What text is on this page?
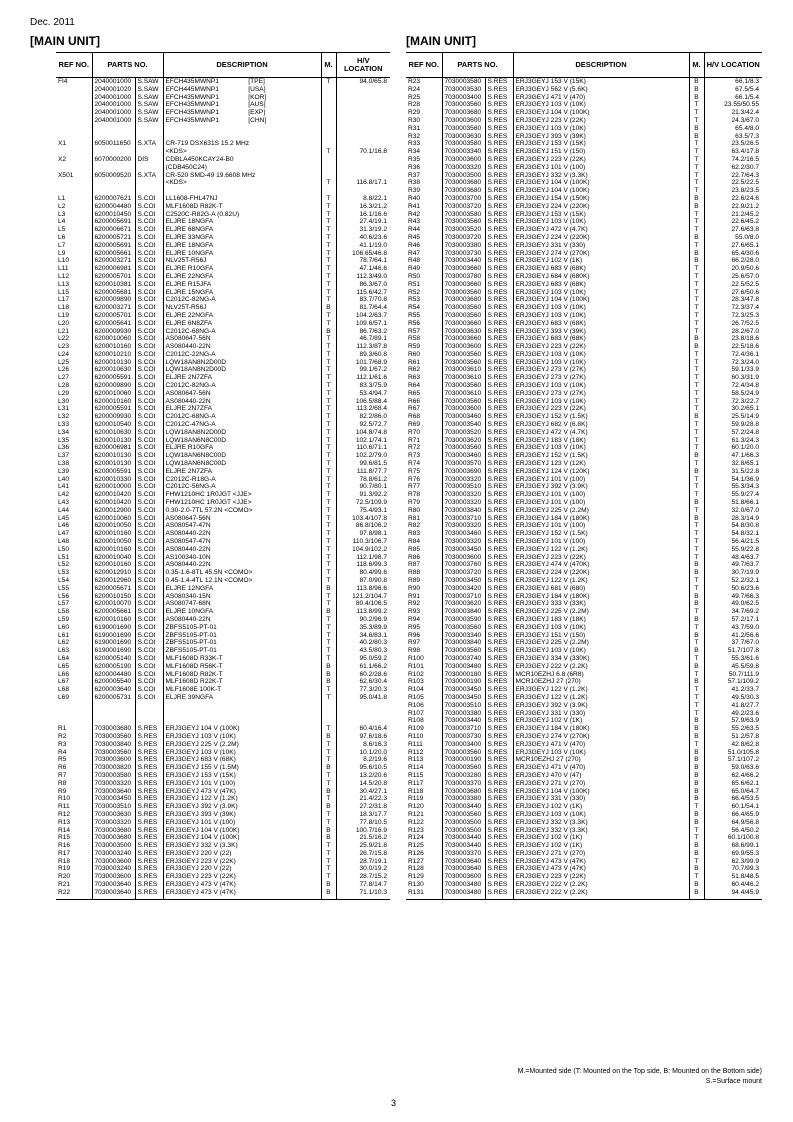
Dec. 2011
[MAIN UNIT]	[MAIN UNIT]
REF NO.	PARTS NO.		DESCRIPTION	M.	H/V LOCATION
FI4	2040001000	S.SAW	EFCH435MWNP1                [TPE]	T	94.0/65.8
	2040001020	S.SAW	EFCH445MWNP1                [USA]		
	2040001000	S.SAW	EFCH435MWNP1                [KOR]		
	2040001000	S.SAW	EFCH435MWNP1                [AUS]		
	2040001000	S.SAW	EFCH435MWNP1                [EXP]		
	2040001000	S.SAW	EFCH435MWNP1                [CHN]		

X1	6050011650	S.XTA	CR-719 DSX631S 15.2 MHz		
			<KDS>	T	70.1/16.8
X2	6070000200	DIS	CDBLA450KCAY24-B0		
			(CDB450C24)		
X501	6050009520	S.XTA	CR-520 SMD-49 19.6608 MHz		
			<KDS>	T	116.8/17.1

L1	6200007621	S.COI	LL1608-FHL47NJ	T	8.8/22.1
L2	6200004480	S.COI	MLF1608D R82K-T	T	16.3/21.2
L3	6200010450	S.COI	C2520C-R82G-A (0.82U)	T	16.1/16.6
L4	6200005691	S.COI	ELJRE 18NGFA	T	27.4/19.1
L5	6200006671	S.COI	ELJRE 68NGFA	T	31.3/19.2
L6	6200005721	S.COI	ELJRE 33NGFA	T	40.6/23.6
L7	6200005691	S.COI	ELJRE 18NGFA	T	41.1/19.0
L9	6200005661	S.COI	ELJRE 10NGFA	T	106.65/46.8
L10	6200003271	S.COI	NLV25T-R56J	T	78.7/64.1
L11	6200006981	S.COI	ELJRE R10GFA	T	47.1/46.6
L12	6200005701	S.COI	ELJRE 22NGFA	T	112.3/49.0
L13	6200010381	S.COI	ELJRE R15JFA	T	86.3/67.0
L15	6200005681	S.COI	ELJRE 15NGFA	T	115.6/42.7
L17	6200009890	S.COI	C2012C-82NG-A	T	83.7/70.8
L18	6200003271	S.COI	NLV25T-R56J	B	81.7/64.4
L19	6200005701	S.COI	ELJRE 22NGFA	T	104.2/63.7
L20	6200005641	S.COI	ELJRE 6N8ZFA	T	109.6/57.1
L21	6200009930	S.COI	C2012C-68NG-A	B	86.7/63.2
L22	6200010060	S.COI	AS080647-56N	T	46.7/89.1
L23	6200010160	S.COI	AS080440-22N	T	112.3/87.8
L24	6200010210	S.COI	C2012C-22NG-A	T	89.3/60.8
L25	6200010130	S.COI	LQW18AN8N2D00D	T	101.7/68.9
L26	6200010630	S.COI	LQW18AN8N2D00D	T	99.1/67.2
L27	6200005591	S.COI	ELJRE 2N7ZFA	T	112.1/61.6
L28	6200009890	S.COI	C2012C-82NG-A	T	83.3/75.9
L29	6200010060	S.COI	AS080647-56N	T	53.4/94.7
L30	6200010160	S.COI	AS080440-22N	T	106.5/88.4
L31	6200005591	S.COI	ELJRE 2N7ZFA	T	113.2/68.4
L32	6200009930	S.COI	C2012C-68NG-A	T	82.2/86.0
L33	6200010540	S.COI	C2012C-47NG-A	T	92.5/72.7
L34	6200010630	S.COI	LQW18AN8N2D00D	T	104.8/74.8
L35	6200010130	S.COI	LQW18AN6N8C00D	T	102.1/74.1
L36	6200006981	S.COI	ELJRE R10GFA	T	110.6/71.1
L37	6200010130	S.COI	LQW18AN6N8C00D	T	102.2/79.0
L38	6200010130	S.COI	LQW18AN6N8C00D	T	99.6/81.5
L39	6200005591	S.COI	ELJRE 2N7ZFA	T	111.8/77.7
L40	6200010330	S.COI	C2012C-R18G-A	T	78.8/61.2
L41	6200010000	S.COI	C2012C-56NG-A	T	90.7/80.1
L42	6200010420	S.COI	FHW1210HC 1R0JGT <JJE>	T	91.3/92.2
L43	6200010420	S.COI	FHW1210HC 1R0JGT <JJE>	T	72.5/109.9
L44	6200012900	S.COI	0.30-2.0-7TL 57.2N <COMO>	T	75.4/93.1
L45	6200010060	S.COI	AS080647-56N	T	103.4/107.8
L46	6200010050	S.COI	AS080547-47N	T	86.8/106.2
L47	6200010160	S.COI	AS080440-22N	T	97.8/98.1
L48	6200010050	S.COI	AS080547-47N	T	110.3/106.7
L50	6200010160	S.COI	AS080440-22N	T	104.9/102.2
L51	6200010040	S.COI	AS100340-10N	T	112.1/98.7
L52	6200010160	S.COI	AS080440-22N	T	118.6/99.3
L53	6200012910	S.COI	0.35-1.6-8TL 45.5N <COMO>	T	80.4/99.6
L54	6200012960	S.COI	0.45-1.4-4TL 12.1N <COMO>	T	87.0/90.8
L55	6200005671	S.COI	ELJRE 12NGFA	B	113.8/96.6
L56	6200010150	S.COI	AS080340-15N	T	121.2/104.7
L57	6200010070	S.COI	AS080747-68N	T	80.4/106.5
L58	6200005661	S.COI	ELJRE 10NGFA	B	113.8/99.2
L59	6200010160	S.COI	AS080440-22N	T	90.2/96.9
L60	6190001690	S.COI	ZBFS5105-PT-01	T	35.3/89.9
L61	6190001690	S.COI	ZBFS5105-PT-01	T	34.6/83.1
L62	6190001690	S.COI	ZBFS5105-PT-01	T	40.2/80.3
L63	6190001690	S.COI	ZBFS5105-PT-01	T	43.5/80.3
L64	6200005140	S.COI	MLF1608D R33K-T	T	95.0/59.2
L65	6200005190	S.COI	MLF1608D R56K-T	B	61.1/66.2
L66	6200004480	S.COI	MLF1608D R82K-T	B	60.2/28.6
L67	6200005540	S.COI	MLF1608D R22K-T	B	62.6/30.4
L68	6200003640	S.COI	MLF1608E 100K-T	T	77.3/20.3
L69	6200005731	S.COI	ELJRE 39NGFA	T	95.0/41.8

R1	7030003680	S.RES	ERJ3GEYJ 104 V (100K)	T	60.4/16.4
R2	7030003560	S.RES	ERJ3GEYJ 103 V (10K)	B	97.6/18.6
R3	7030003840	S.RES	ERJ3GEYJ 225 V (2.2M)	T	8.6/16.3
R4	7030003560	S.RES	ERJ3GEYJ 103 V (10K)	T	10.1/20.0
R5	7030003600	S.RES	ERJ3GEYJ 683 V (68K)	T	8.2/19.6
R6	7030003820	S.RES	ERJ3GEYJ 155 V (1.5M)	B	95.6/10.5
R7	7030003580	S.RES	ERJ3GEYJ 153 V (15K)	T	13.2/20.6
R8	7030003320	S.RES	ERJ3GEYJ 101 V (100)	T	14.5/20.8
R9	7030003640	S.RES	ERJ3GEYJ 473 V (47K)	B	30.4/27.1
R10	7030003450	S.RES	ERJ3GEYJ 122 V (1.2K)	T	21.4/22.3
R11	7030003510	S.RES	ERJ3GEYJ 392 V (3.9K)	B	27.2/31.8
R12	7030003630	S.RES	ERJ3GEYJ 393 V (39K)	T	18.3/17.7
R13	7030003320	S.RES	ERJ3GEYJ 101 V (100)	T	77.8/10.5
R14	7030003680	S.RES	ERJ3GEYJ 104 V (100K)	B	100.7/16.9
R15	7030003680	S.RES	ERJ3GEYJ 104 V (100K)	B	21.5/16.2
R16	7030003500	S.RES	ERJ3GEYJ 332 V (3.3K)	T	25.9/21.8
R17	7030003240	S.RES	ERJ3GEYJ 220 V (22)	T	26.7/15.8
R18	7030003600	S.RES	ERJ3GEYJ 223 V (22K)	T	28.7/19.1
R19	7030003240	S.RES	ERJ3GEYJ 220 V (22)	T	30.0/19.2
R20	7030003600	S.RES	ERJ3GEYJ 223 V (22K)	T	28.7/15.2
R21	7030003640	S.RES	ERJ3GEYJ 473 V (47K)	B	77.8/14.7
R22	7030003640	S.RES	ERJ3GEYJ 473 V (47K)	B	71.1/10.3
REF NO.	PARTS NO.		DESCRIPTION	M.	H/V LOCATION
R23	7030003580	S.RES	ERJ3GEYJ 153 V (15K)	B	66.1/8.3
R24	7030003530	S.RES	ERJ3GEYJ 562 V (5.6K)	B	67.5/5.4
R25	7030003400	S.RES	ERJ3GEYJ 471 V (470)	B	66.1/5.4
R28	7030003560	S.RES	ERJ3GEYJ 103 V (10K)	T	23.55/50.55
R29	7030003680	S.RES	ERJ3GEYJ 104 V (100K)	T	21.3/42.4
R30	7030003600	S.RES	ERJ3GEYJ 223 V (22K)	T	24.3/67.0
R31	7030003560	S.RES	ERJ3GEYJ 103 V (10K)	B	65.4/8.0
R32	7030003630	S.RES	ERJ3GEYJ 393 V (39K)	B	63.5/7.3
R33	7030003580	S.RES	ERJ3GEYJ 153 V (15K)	T	23.5/26.5
R34	7030003340	S.RES	ERJ3GEYJ 151 V (150)	T	63.4/17.8
R35	7030003600	S.RES	ERJ3GEYJ 223 V (22K)	T	74.2/16.5
R36	7030003320	S.RES	ERJ3GEYJ 101 V (100)	T	62.2/30.7
R37	7030003500	S.RES	ERJ3GEYJ 332 V (3.3K)	T	22.7/64.3
R38	7030003680	S.RES	ERJ3GEYJ 104 V (100K)	T	22.5/22.5
R39	7030003680	S.RES	ERJ3GEYJ 104 V (100K)	T	23.8/23.5
R40	7030003700	S.RES	ERJ3GEYJ 154 V (150K)	B	22.6/24.6
R41	7030003720	S.RES	ERJ3GEYJ 224 V (220K)	B	22.9/21.2
R42	7030003580	S.RES	ERJ3GEYJ 153 V (15K)	T	21.2/45.2
R43	7030003560	S.RES	ERJ3GEYJ 103 V (10K)	T	22.6/45.2
R44	7030003520	S.RES	ERJ3GEYJ 472 V (4.7K)	T	27.6/63.8
R45	7030003720	S.RES	ERJ3GEYJ 224 V (220K)	B	55.0/8.0
R46	7030003380	S.RES	ERJ3GEYJ 331 V (330)	T	27.6/65.1
R47	7030003730	S.RES	ERJ3GEYJ 274 V (270K)	B	65.4/30.6
R48	7030003440	S.RES	ERJ3GEYJ 102 V (1K)	B	66.2/28.0
R49	7030003660	S.RES	ERJ3GEYJ 683 V (68K)	T	20.9/50.6
R50	7030003780	S.RES	ERJ3GEYJ 684 V (680K)	T	25.6/57.0
R51	7030003660	S.RES	ERJ3GEYJ 683 V (68K)	T	22.5/52.5
R52	7030003560	S.RES	ERJ3GEYJ 103 V (10K)	T	27.6/50.6
R53	7030003680	S.RES	ERJ3GEYJ 104 V (100K)	T	28.3/47.8
R54	7030003560	S.RES	ERJ3GEYJ 103 V (10K)	T	72.3/37.4
R55	7030003560	S.RES	ERJ3GEYJ 103 V (10K)	T	72.3/25.3
R56	7030003660	S.RES	ERJ3GEYJ 683 V (68K)	T	26.7/52.5
R57	7030003630	S.RES	ERJ3GEYJ 393 V (39K)	T	28.2/67.0
R58	7030003660	S.RES	ERJ3GEYJ 683 V (68K)	B	23.8/18.6
R59	7030003600	S.RES	ERJ3GEYJ 223 V (22K)	B	22.5/18.6
R60	7030003560	S.RES	ERJ3GEYJ 103 V (10K)	T	72.4/36.1
R61	7030003560	S.RES	ERJ3GEYJ 103 V (10K)	T	72.3/24.0
R62	7030003610	S.RES	ERJ3GEYJ 273 V (27K)	T	59.1/33.9
R63	7030003610	S.RES	ERJ3GEYJ 273 V (27K)	T	60.3/31.9
R64	7030003560	S.RES	ERJ3GEYJ 103 V (10K)	T	72.4/34.8
R65	7030003610	S.RES	ERJ3GEYJ 273 V (27K)	T	58.5/24.9
R66	7030003560	S.RES	ERJ3GEYJ 103 V (10K)	T	72.3/22.7
R67	7030003600	S.RES	ERJ3GEYJ 223 V (22K)	T	30.2/65.1
R68	7030003460	S.RES	ERJ3GEYJ 152 V (1.5K)	B	25.5/14.9
R69	7030003540	S.RES	ERJ3GEYJ 682 V (6.8K)	T	59.9/28.8
R70	7030003520	S.RES	ERJ3GEYJ 472 V (4.7K)	T	57.2/24.8
R71	7030003620	S.RES	ERJ3GEYJ 183 V (18K)	T	61.3/24.3
R72	7030003560	S.RES	ERJ3GEYJ 103 V (10K)	T	60.1/20.0
R73	7030003460	S.RES	ERJ3GEYJ 152 V (1.5K)	B	47.1/66.3
R74	7030003570	S.RES	ERJ3GEYJ 123 V (12K)	T	32.8/65.1
R75	7030003690	S.RES	ERJ3GEYJ 124 V (120K)	B	31.5/22.8
R76	7030003320	S.RES	ERJ3GEYJ 101 V (100)	T	54.1/36.9
R77	7030003510	S.RES	ERJ3GEYJ 392 V (3.9K)	T	55.3/34.3
R78	7030003320	S.RES	ERJ3GEYJ 101 V (100)	T	55.9/27.4
R79	7030003320	S.RES	ERJ3GEYJ 101 V (100)	B	51.8/66.1
R80	7030003840	S.RES	ERJ3GEYJ 225 V (2.2M)	T	32.0/67.0
R81	7030003710	S.RES	ERJ3GEYJ 184 V (180K)	B	28.3/14.9
R82	7030003320	S.RES	ERJ3GEYJ 101 V (100)	T	54.8/30.8
R83	7030003460	S.RES	ERJ3GEYJ 152 V (1.5K)	T	54.8/32.1
R84	7030003320	S.RES	ERJ3GEYJ 101 V (100)	T	56.4/21.5
R85	7030003450	S.RES	ERJ3GEYJ 122 V (1.2K)	T	55.9/22.8
R86	7030003600	S.RES	ERJ3GEYJ 223 V (22K)	T	48.4/63.7
R87	7030003760	S.RES	ERJ3GEYJ 474 V (470K)	B	49.7/63.7
R88	7030003720	S.RES	ERJ3GEYJ 224 V (220K)	B	30.7/19.9
R89	7030003450	S.RES	ERJ3GEYJ 122 V (1.2K)	T	52.2/32.1
R90	7030003420	S.RES	ERJ3GEYJ 681 V (680)	T	50.6/23.6
R91	7030003710	S.RES	ERJ3GEYJ 184 V (180K)	B	49.7/66.3
R92	7030003620	S.RES	ERJ3GEYJ 333 V (33K)	B	49.0/62.5
R93	7030003840	S.RES	ERJ3GEYJ 225 V (2.2M)	T	34.7/69.2
R94	7030003590	S.RES	ERJ3GEYJ 183 V (18K)	B	57.2/17.1
R95	7030003560	S.RES	ERJ3GEYJ 103 V (10K)	T	43.7/59.0
R96	7030003340	S.RES	ERJ3GEYJ 151 V (150)	B	41.2/56.6
R97	7030003840	S.RES	ERJ3GEYJ 225 V (2.2M)	T	37.7/67.0
R98	7030003560	S.RES	ERJ3GEYJ 103 V (10K)	B	51.7/107.8
R100	7030003740	S.RES	ERJ3GEYJ 334 V (330K)	T	55.3/61.6
R101	7030003480	S.RES	ERJ3GEYJ 222 V (2.2K)	B	45.5/59.8
R102	7030000180	S.RES	MCR10EZHJ 6.8 (6R8)	T	50.7/111.9
R103	7030000190	S.RES	MCR10EZHJ 27 (270)	B	57.1/109.2
R104	7030003450	S.RES	ERJ3GEYJ 122 V (1.2K)	T	41.2/33.7
R105	7030003450	S.RES	ERJ3GEYJ 122 V (1.2K)	T	49.5/30.3
R106	7030003510	S.RES	ERJ3GEYJ 392 V (3.9K)	T	41.8/27.7
R107	7030003380	S.RES	ERJ3GEYJ 331 V (330)	T	49.2/23.6
R108	7030003440	S.RES	ERJ3GEYJ 102 V (1K)	B	57.9/63.9
R109	7030003710	S.RES	ERJ3GEYJ 184 V (180K)	B	55.2/63.5
R110	7030003730	S.RES	ERJ3GEYJ 274 V (270K)	B	51.2/57.8
R111	7030003400	S.RES	ERJ3GEYJ 471 V (470)	T	42.8/62.8
R112	7030003560	S.RES	ERJ3GEYJ 103 V (10K)	B	51.0/105.8
R113	7030000190	S.RES	MCR10EZHJ 27 (270)	B	57.1/107.2
R114	7030003560	S.RES	ERJ3GEYJ 471 V (470)	B	59.0/63.6
R115	7030003280	S.RES	ERJ3GEYJ 470 V (47)	B	62.4/66.2
R117	7030003370	S.RES	ERJ3GEYJ 271 V (270)	B	65.6/62.1
R118	7030003680	S.RES	ERJ3GEYJ 104 V (100K)	B	65.0/64.7
R119	7030003380	S.RES	ERJ3GEYJ 331 V (330)	B	66.4/53.5
R120	7030003440	S.RES	ERJ3GEYJ 102 V (1K)	T	60.1/54.1
R121	7030003560	S.RES	ERJ3GEYJ 103 V (10K)	B	66.4/65.9
R122	7030003500	S.RES	ERJ3GEYJ 332 V (3.3K)	B	64.9/56.8
R123	7030003500	S.RES	ERJ3GEYJ 332 V (3.3K)	T	56.4/50.2
R124	7030003440	S.RES	ERJ3GEYJ 102 V (1K)	T	60.1/100.8
R125	7030003440	S.RES	ERJ3GEYJ 102 V (1K)	B	68.6/99.1
R126	7030003370	S.RES	ERJ3GEYJ 271 V (270)	B	69.9/55.3
R127	7030003640	S.RES	ERJ3GEYJ 473 V (47K)	T	62.3/99.9
R128	7030003640	S.RES	ERJ3GEYJ 473 V (47K)	B	70.7/99.3
R129	7030003600	S.RES	ERJ3GEYJ 223 V (22K)	T	51.8/48.5
R130	7030003480	S.RES	ERJ3GEYJ 222 V (2.2K)	B	60.4/46.2
R131	7030003480	S.RES	ERJ3GEYJ 222 V (2.2K)	B	94.4/45.9
M.=Mounted side (T: Mounted on the Top side, B: Mounted on the Bottom side)
S.=Surface mount
3
